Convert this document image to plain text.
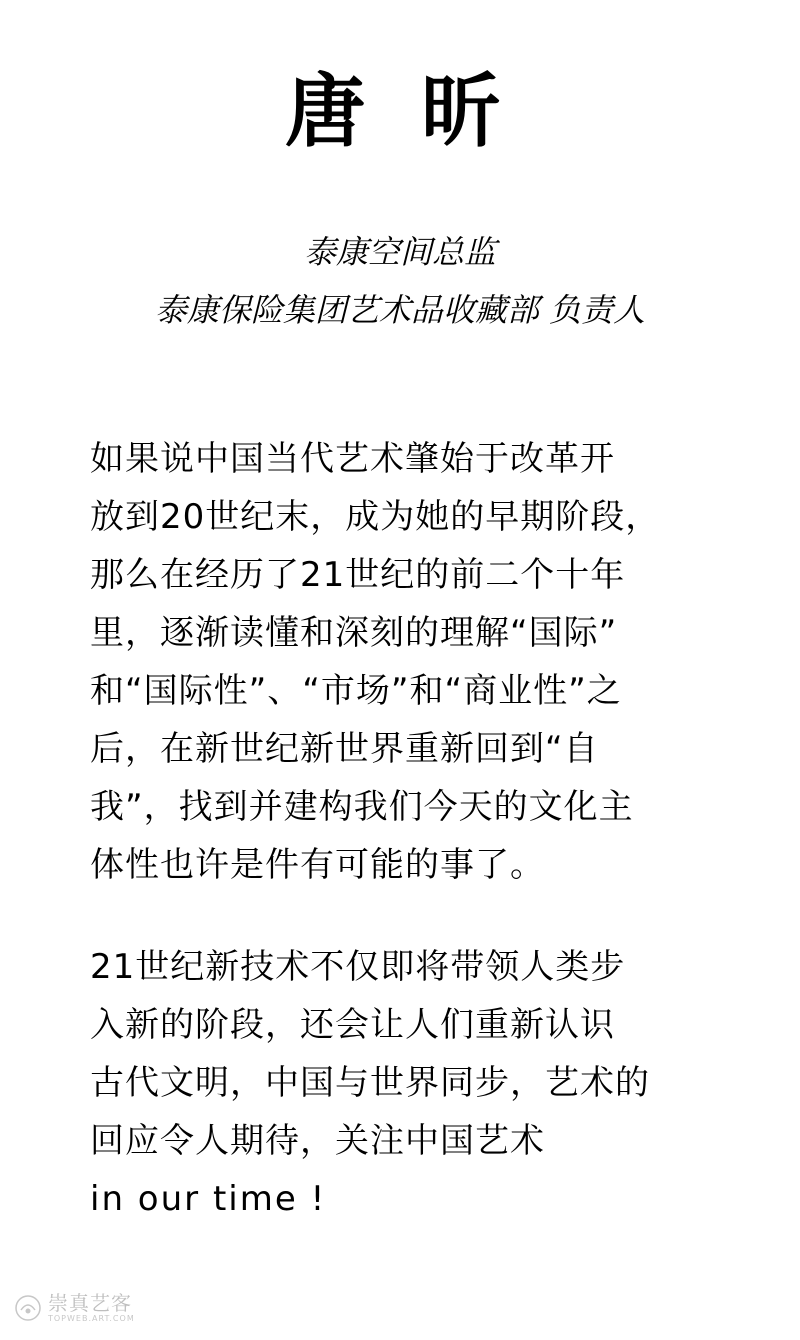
唐 昕
泰康空间总监
泰康保险集团艺术品收藏部 负责人
如果说中国当代艺术肇始于改革开
放到20世纪末，成为她的早期阶段，
那么在经历了21世纪的前二个十年
里，逐渐读懂和深刻的理解“国际”
和“国际性”、“市场”和“商业性”之
后，在新世纪新世界重新回到“自
我”，找到并建构我们今天的文化主
体性也许是件有可能的事了。
21世纪新技术不仅即将带领人类步
入新的阶段，还会让人们重新认识
古代文明，中国与世界同步，艺术的
回应令人期待，关注中国艺术
in our time !
崇真艺客
TOPWEB.ART.COM
